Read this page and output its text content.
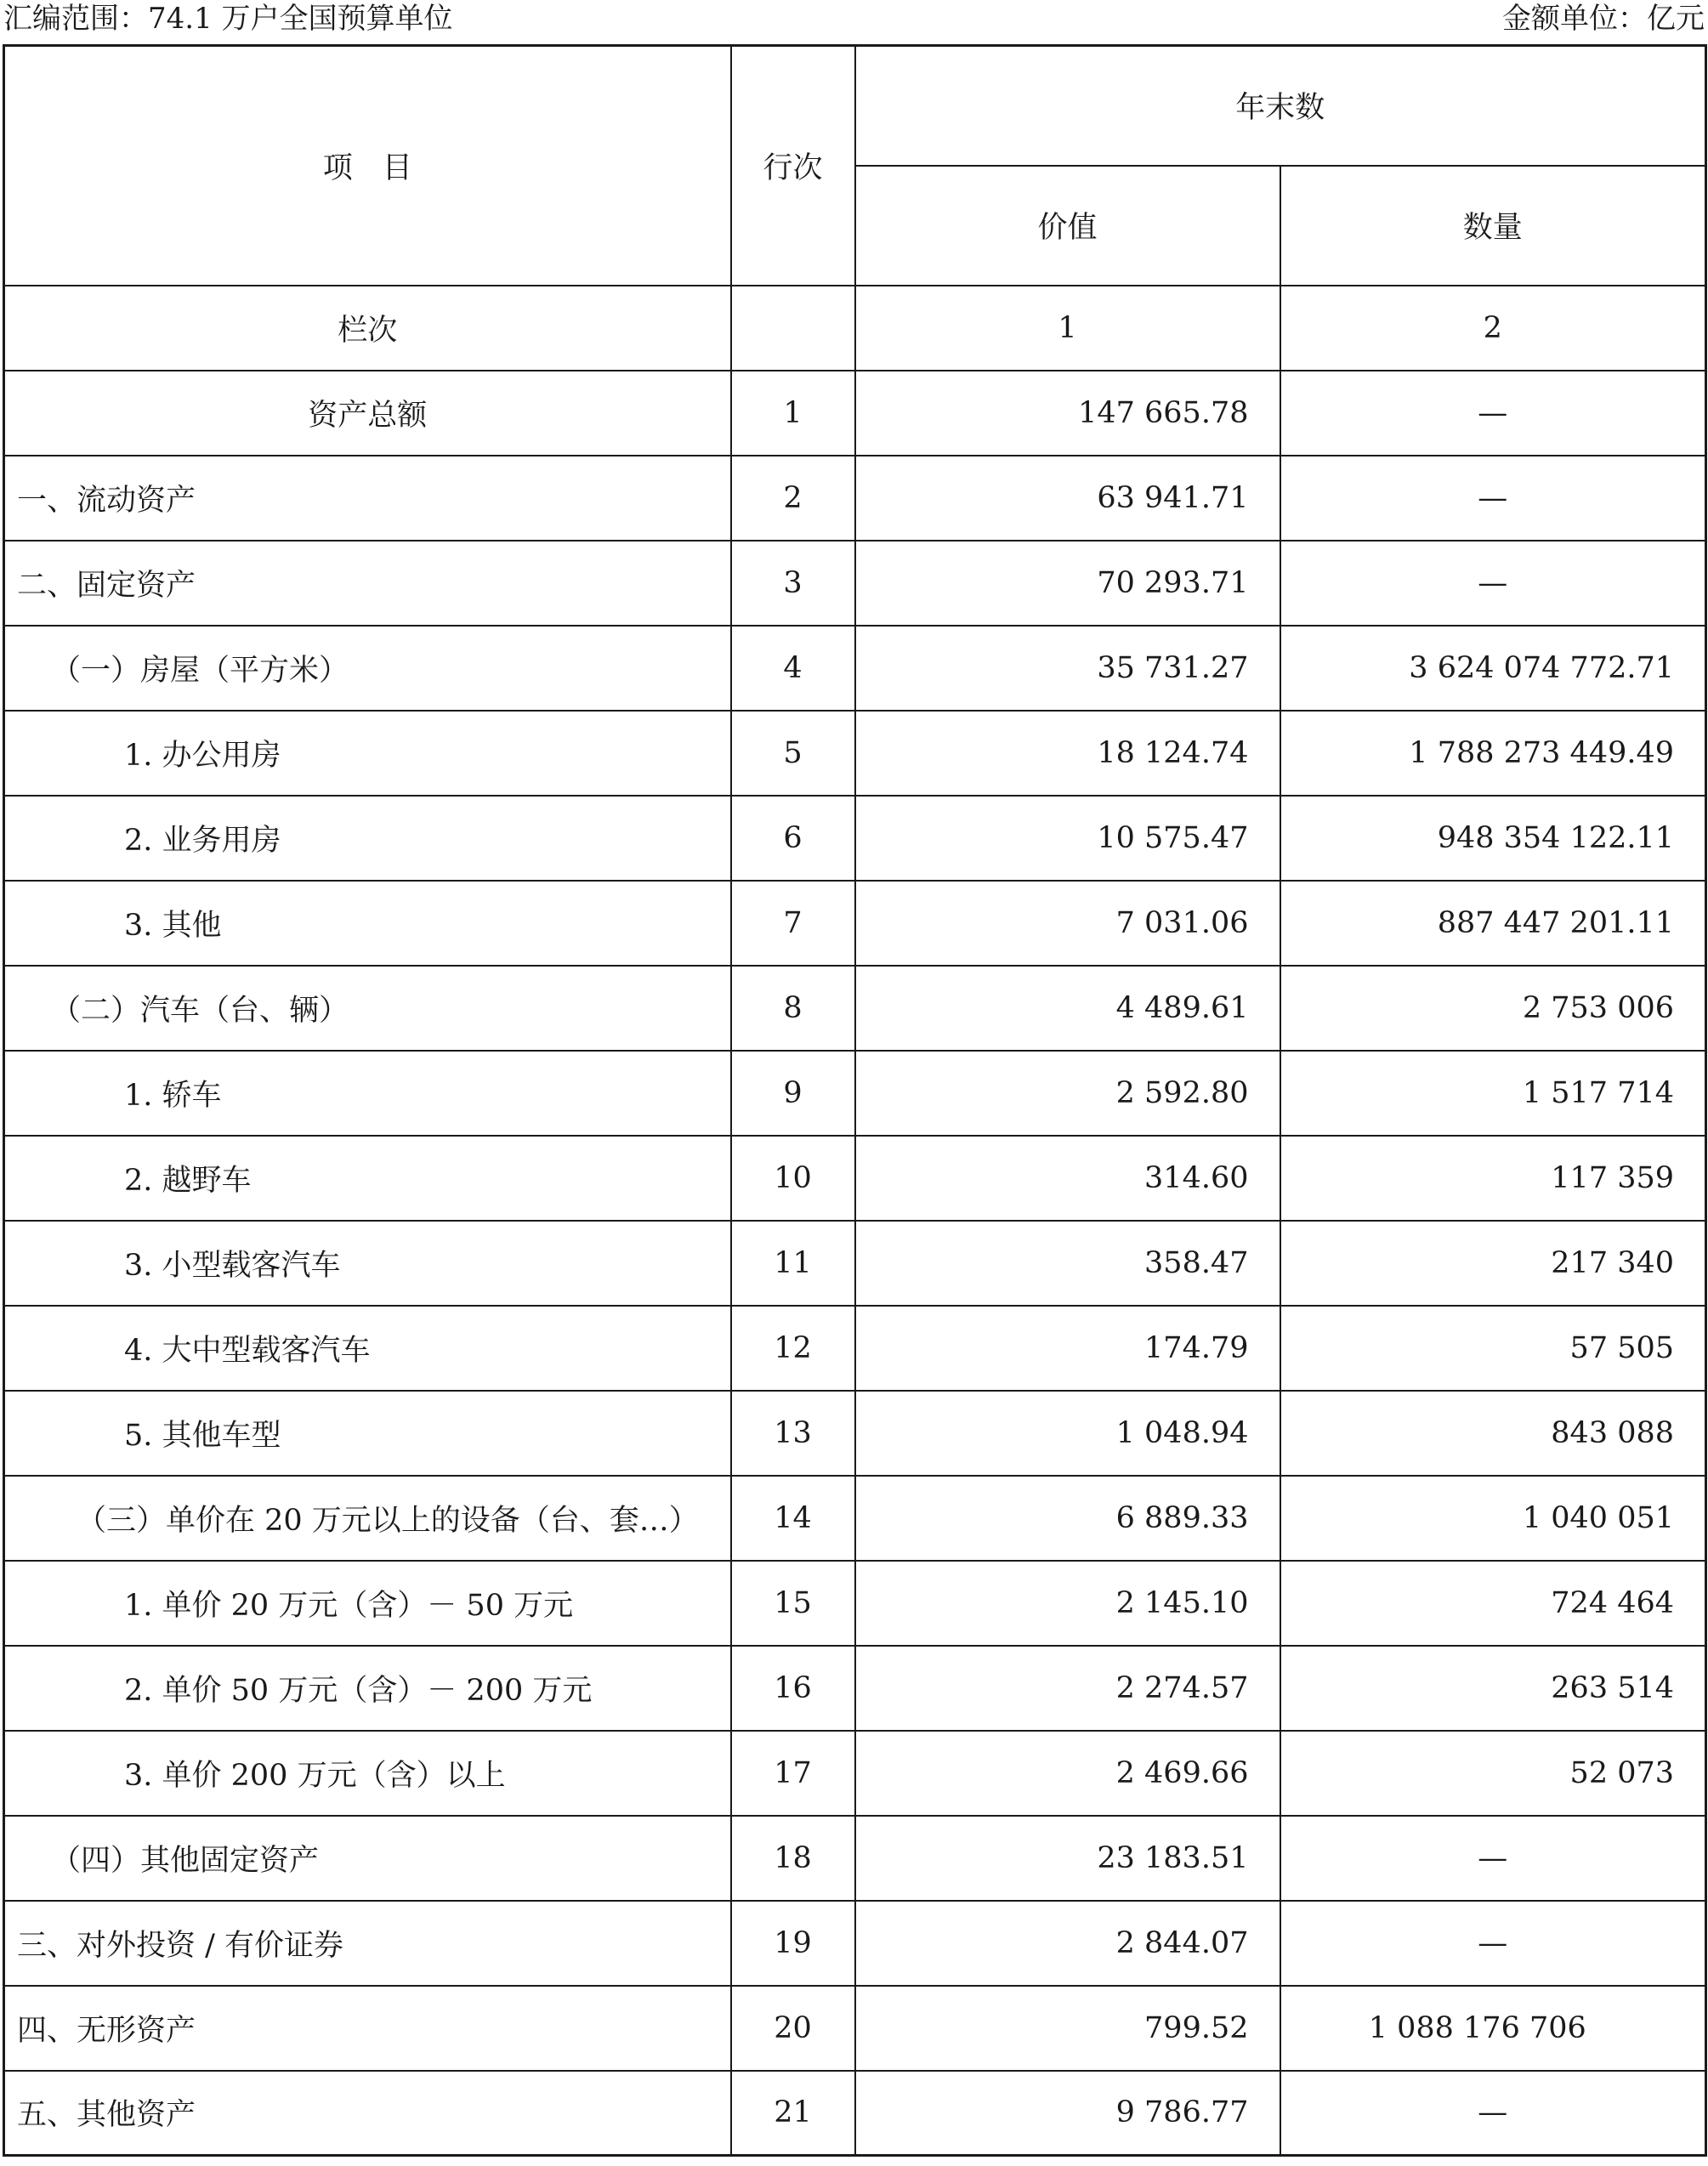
汇编范围：74.1 万户全国预算单位	金额单位：亿元
项　目	行次	年末数	
		价值	数量
栏次		1	2
资产总额	1	147 665.78	—
一、流动资产	2	63 941.71	—
二、固定资产	3	70 293.71	—
（一）房屋（平方米）	4	35 731.27	3 624 074 772.71
1. 办公用房	5	18 124.74	1 788 273 449.49
2. 业务用房	6	10 575.47	948 354 122.11
3. 其他	7	7 031.06	887 447 201.11
（二）汽车（台、辆）	8	4 489.61	2 753 006
1. 轿车	9	2 592.80	1 517 714
2. 越野车	10	314.60	117 359
3. 小型载客汽车	11	358.47	217 340
4. 大中型载客汽车	12	174.79	57 505
5. 其他车型	13	1 048.94	843 088
（三）单价在 20 万元以上的设备（台、套…）	14	6 889.33	1 040 051
1. 单价 20 万元（含）－ 50 万元	15	2 145.10	724 464
2. 单价 50 万元（含）－ 200 万元	16	2 274.57	263 514
3. 单价 200 万元（含）以上	17	2 469.66	52 073
（四）其他固定资产	18	23 183.51	—
三、对外投资 / 有价证券	19	2 844.07	—
四、无形资产	20	799.52	1 088 176 706
五、其他资产	21	9 786.77	—
